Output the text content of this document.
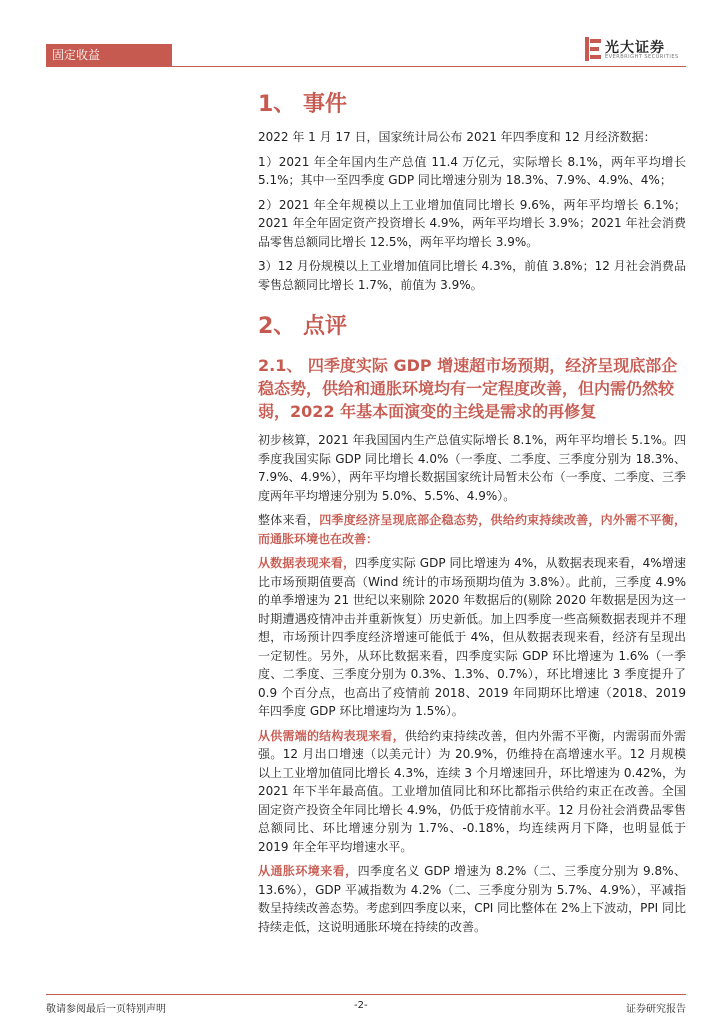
固定收益	光大证券
EVERBRIGHT SECURITIES
1、 事件

2022 年 1 月 17 日，国家统计局公布 2021 年四季度和 12 月经济数据：

1）2021 年全年国内生产总值 11.4 万亿元，实际增长 8.1%，两年平均增长 5.1%；其中一至四季度 GDP 同比增速分别为 18.3%、7.9%、4.9%、4%；

2）2021 年全年规模以上工业增加值同比增长 9.6%，两年平均增长 6.1%；2021 年全年固定资产投资增长 4.9%，两年平均增长 3.9%；2021 年社会消费品零售总额同比增长 12.5%，两年平均增长 3.9%。

3）12 月份规模以上工业增加值同比增长 4.3%，前值 3.8%；12 月社会消费品零售总额同比增长 1.7%，前值为 3.9%。

2、 点评
2.1、 四季度实际 GDP 增速超市场预期，经济呈现底部企稳态势，供给和通胀环境均有一定程度改善，但内需仍然较弱，2022 年基本面演变的主线是需求的再修复

初步核算，2021 年我国国内生产总值实际增长 8.1%，两年平均增长 5.1%。四季度我国实际 GDP 同比增长 4.0%（一季度、二季度、三季度分别为 18.3%、7.9%、4.9%），两年平均增长数据国家统计局暂未公布（一季度、二季度、三季度两年平均增速分别为 5.0%、5.5%、4.9%）。

整体来看，四季度经济呈现底部企稳态势，供给约束持续改善，内外需不平衡，而通胀环境也在改善：

从数据表现来看，四季度实际 GDP 同比增速为 4%，从数据表现来看，4%增速比市场预期值要高（Wind 统计的市场预期均值为 3.8%）。此前，三季度 4.9%的单季增速为 21 世纪以来剔除 2020 年数据后的(剔除 2020 年数据是因为这一时期遭遇疫情冲击并重新恢复）历史新低。加上四季度一些高频数据表现并不理想，市场预计四季度经济增速可能低于 4%，但从数据表现来看，经济有呈现出一定韧性。另外，从环比数据来看，四季度实际 GDP 环比增速为 1.6%（一季度、二季度、三季度分别为 0.3%、1.3%、0.7%），环比增速比 3 季度提升了 0.9 个百分点，也高出了疫情前 2018、2019 年同期环比增速（2018、2019 年四季度 GDP 环比增速均为 1.5%）。

从供需端的结构表现来看，供给约束持续改善，但内外需不平衡，内需弱而外需强。12 月出口增速（以美元计）为 20.9%，仍维持在高增速水平。12 月规模以上工业增加值同比增长 4.3%，连续 3 个月增速回升，环比增速为 0.42%，为 2021 年下半年最高值。工业增加值同比和环比都指示供给约束正在改善。全国固定资产投资全年同比增长 4.9%，仍低于疫情前水平。12 月份社会消费品零售总额同比、环比增速分别为 1.7%、-0.18%，均连续两月下降，也明显低于 2019 年全年平均增速水平。

从通胀环境来看，四季度名义 GDP 增速为 8.2%（二、三季度分别为 9.8%、13.6%），GDP 平减指数为 4.2%（二、三季度分别为 5.7%、4.9%），平减指数呈持续改善态势。考虑到四季度以来，CPI 同比整体在 2%上下波动，PPI 同比持续走低，这说明通胀环境在持续的改善。

敬请参阅最后一页特别声明	-2-	证券研究报告
